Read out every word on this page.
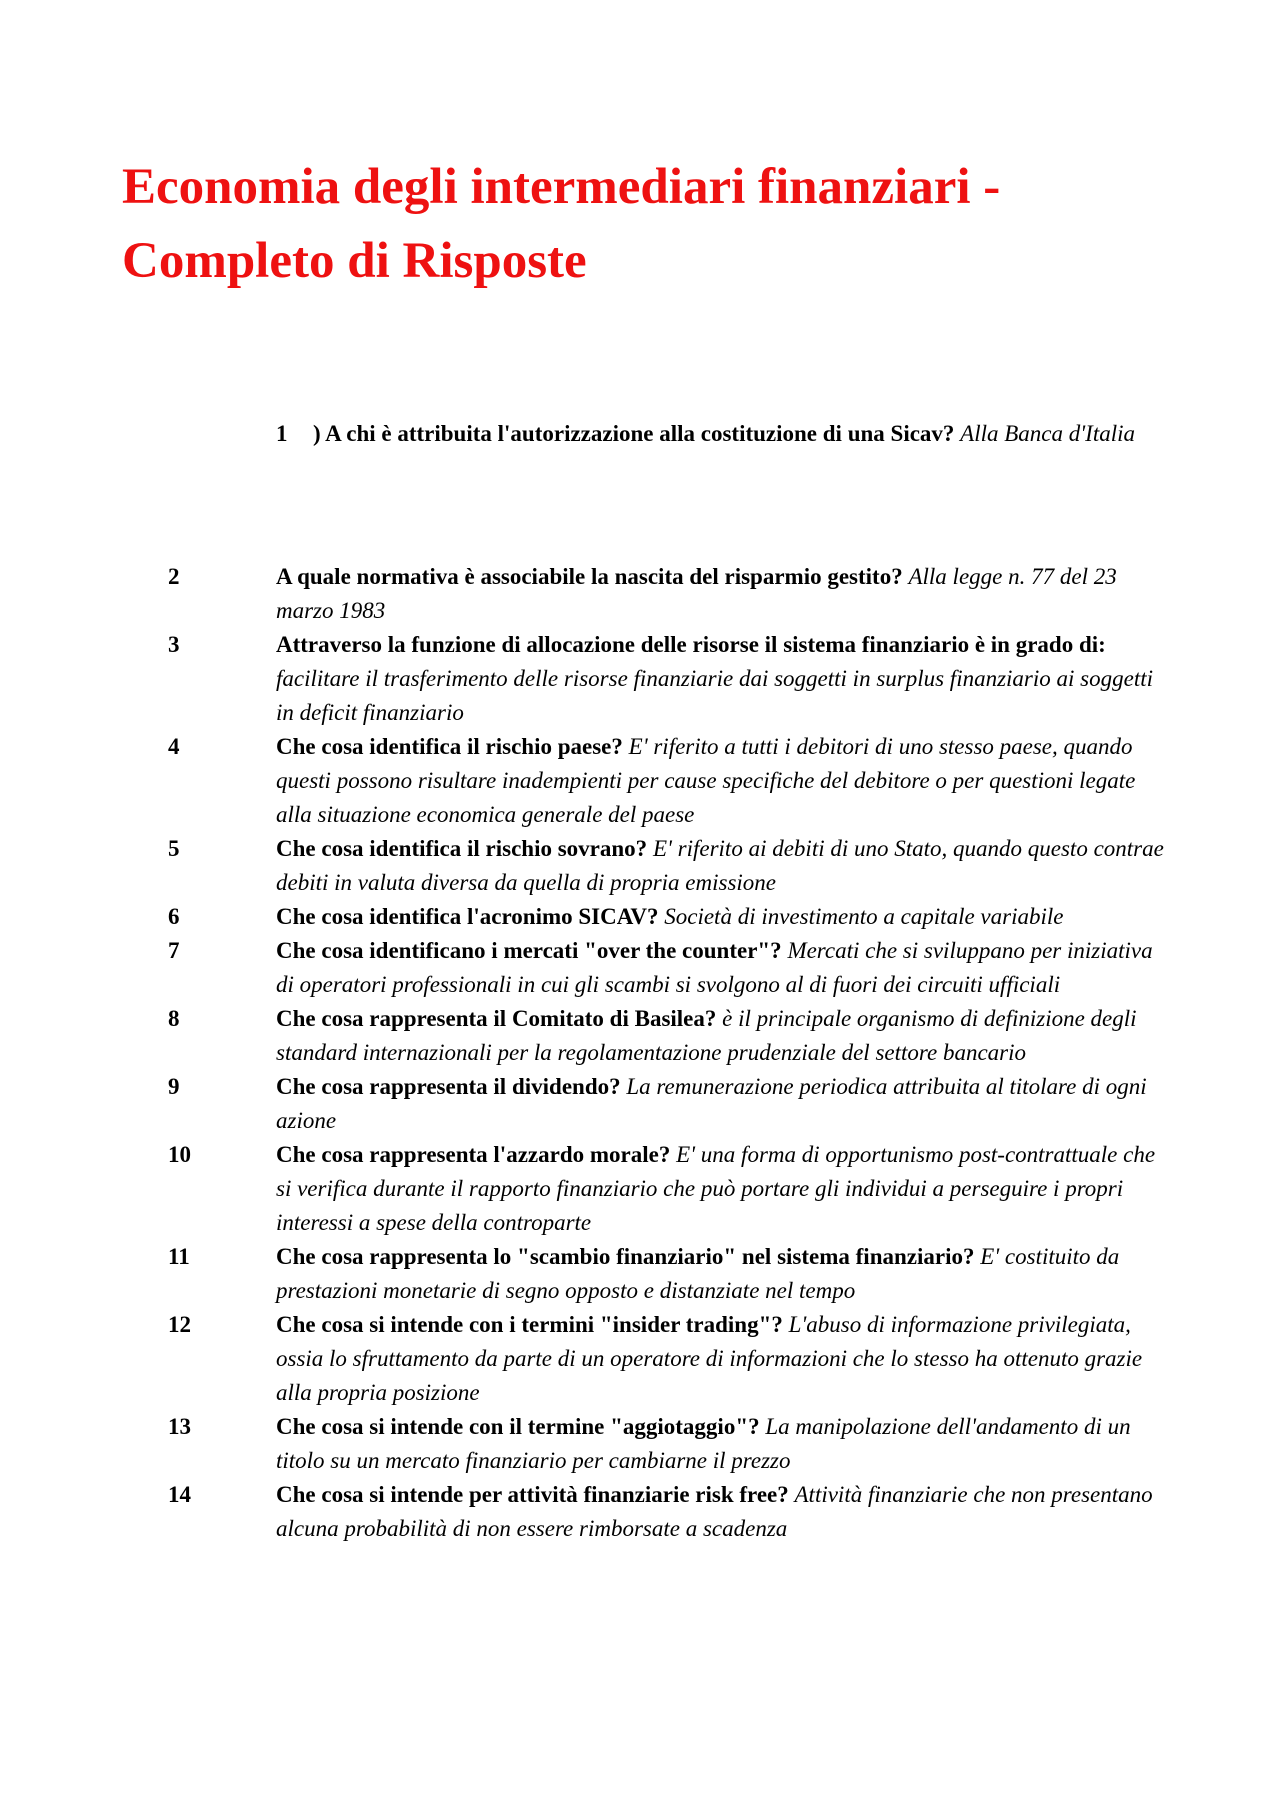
Economia degli intermediari finanziari -
Completo di Risposte
1 ) A chi è attribuita l'autorizzazione alla costituzione di una Sicav? Alla Banca d'Italia
2	A quale normativa è associabile la nascita del risparmio gestito? Alla legge n. 77 del 23 marzo 1983
3	Attraverso la funzione di allocazione delle risorse il sistema finanziario è in grado di: facilitare il trasferimento delle risorse finanziarie dai soggetti in surplus finanziario ai soggetti in deficit finanziario
4	Che cosa identifica il rischio paese? E' riferito a tutti i debitori di uno stesso paese, quando questi possono risultare inadempienti per cause specifiche del debitore o per questioni legate alla situazione economica generale del paese
5	Che cosa identifica il rischio sovrano? E' riferito ai debiti di uno Stato, quando questo contrae debiti in valuta diversa da quella di propria emissione
6	Che cosa identifica l'acronimo SICAV? Società di investimento a capitale variabile
7	Che cosa identificano i mercati "over the counter"? Mercati che si sviluppano per iniziativa di operatori professionali in cui gli scambi si svolgono al di fuori dei circuiti ufficiali
8	Che cosa rappresenta il Comitato di Basilea? è il principale organismo di definizione degli standard internazionali per la regolamentazione prudenziale del settore bancario
9	Che cosa rappresenta il dividendo? La remunerazione periodica attribuita al titolare di ogni azione
10	Che cosa rappresenta l'azzardo morale? E' una forma di opportunismo post-contrattuale che si verifica durante il rapporto finanziario che può portare gli individui a perseguire i propri interessi a spese della controparte
11	Che cosa rappresenta lo "scambio finanziario" nel sistema finanziario? E' costituito da prestazioni monetarie di segno opposto e distanziate nel tempo
12	Che cosa si intende con i termini "insider trading"? L'abuso di informazione privilegiata, ossia lo sfruttamento da parte di un operatore di informazioni che lo stesso ha ottenuto grazie alla propria posizione
13	Che cosa si intende con il termine "aggiotaggio"? La manipolazione dell'andamento di un titolo su un mercato finanziario per cambiarne il prezzo
14	Che cosa si intende per attività finanziarie risk free? Attività finanziarie che non presentano alcuna probabilità di non essere rimborsate a scadenza
